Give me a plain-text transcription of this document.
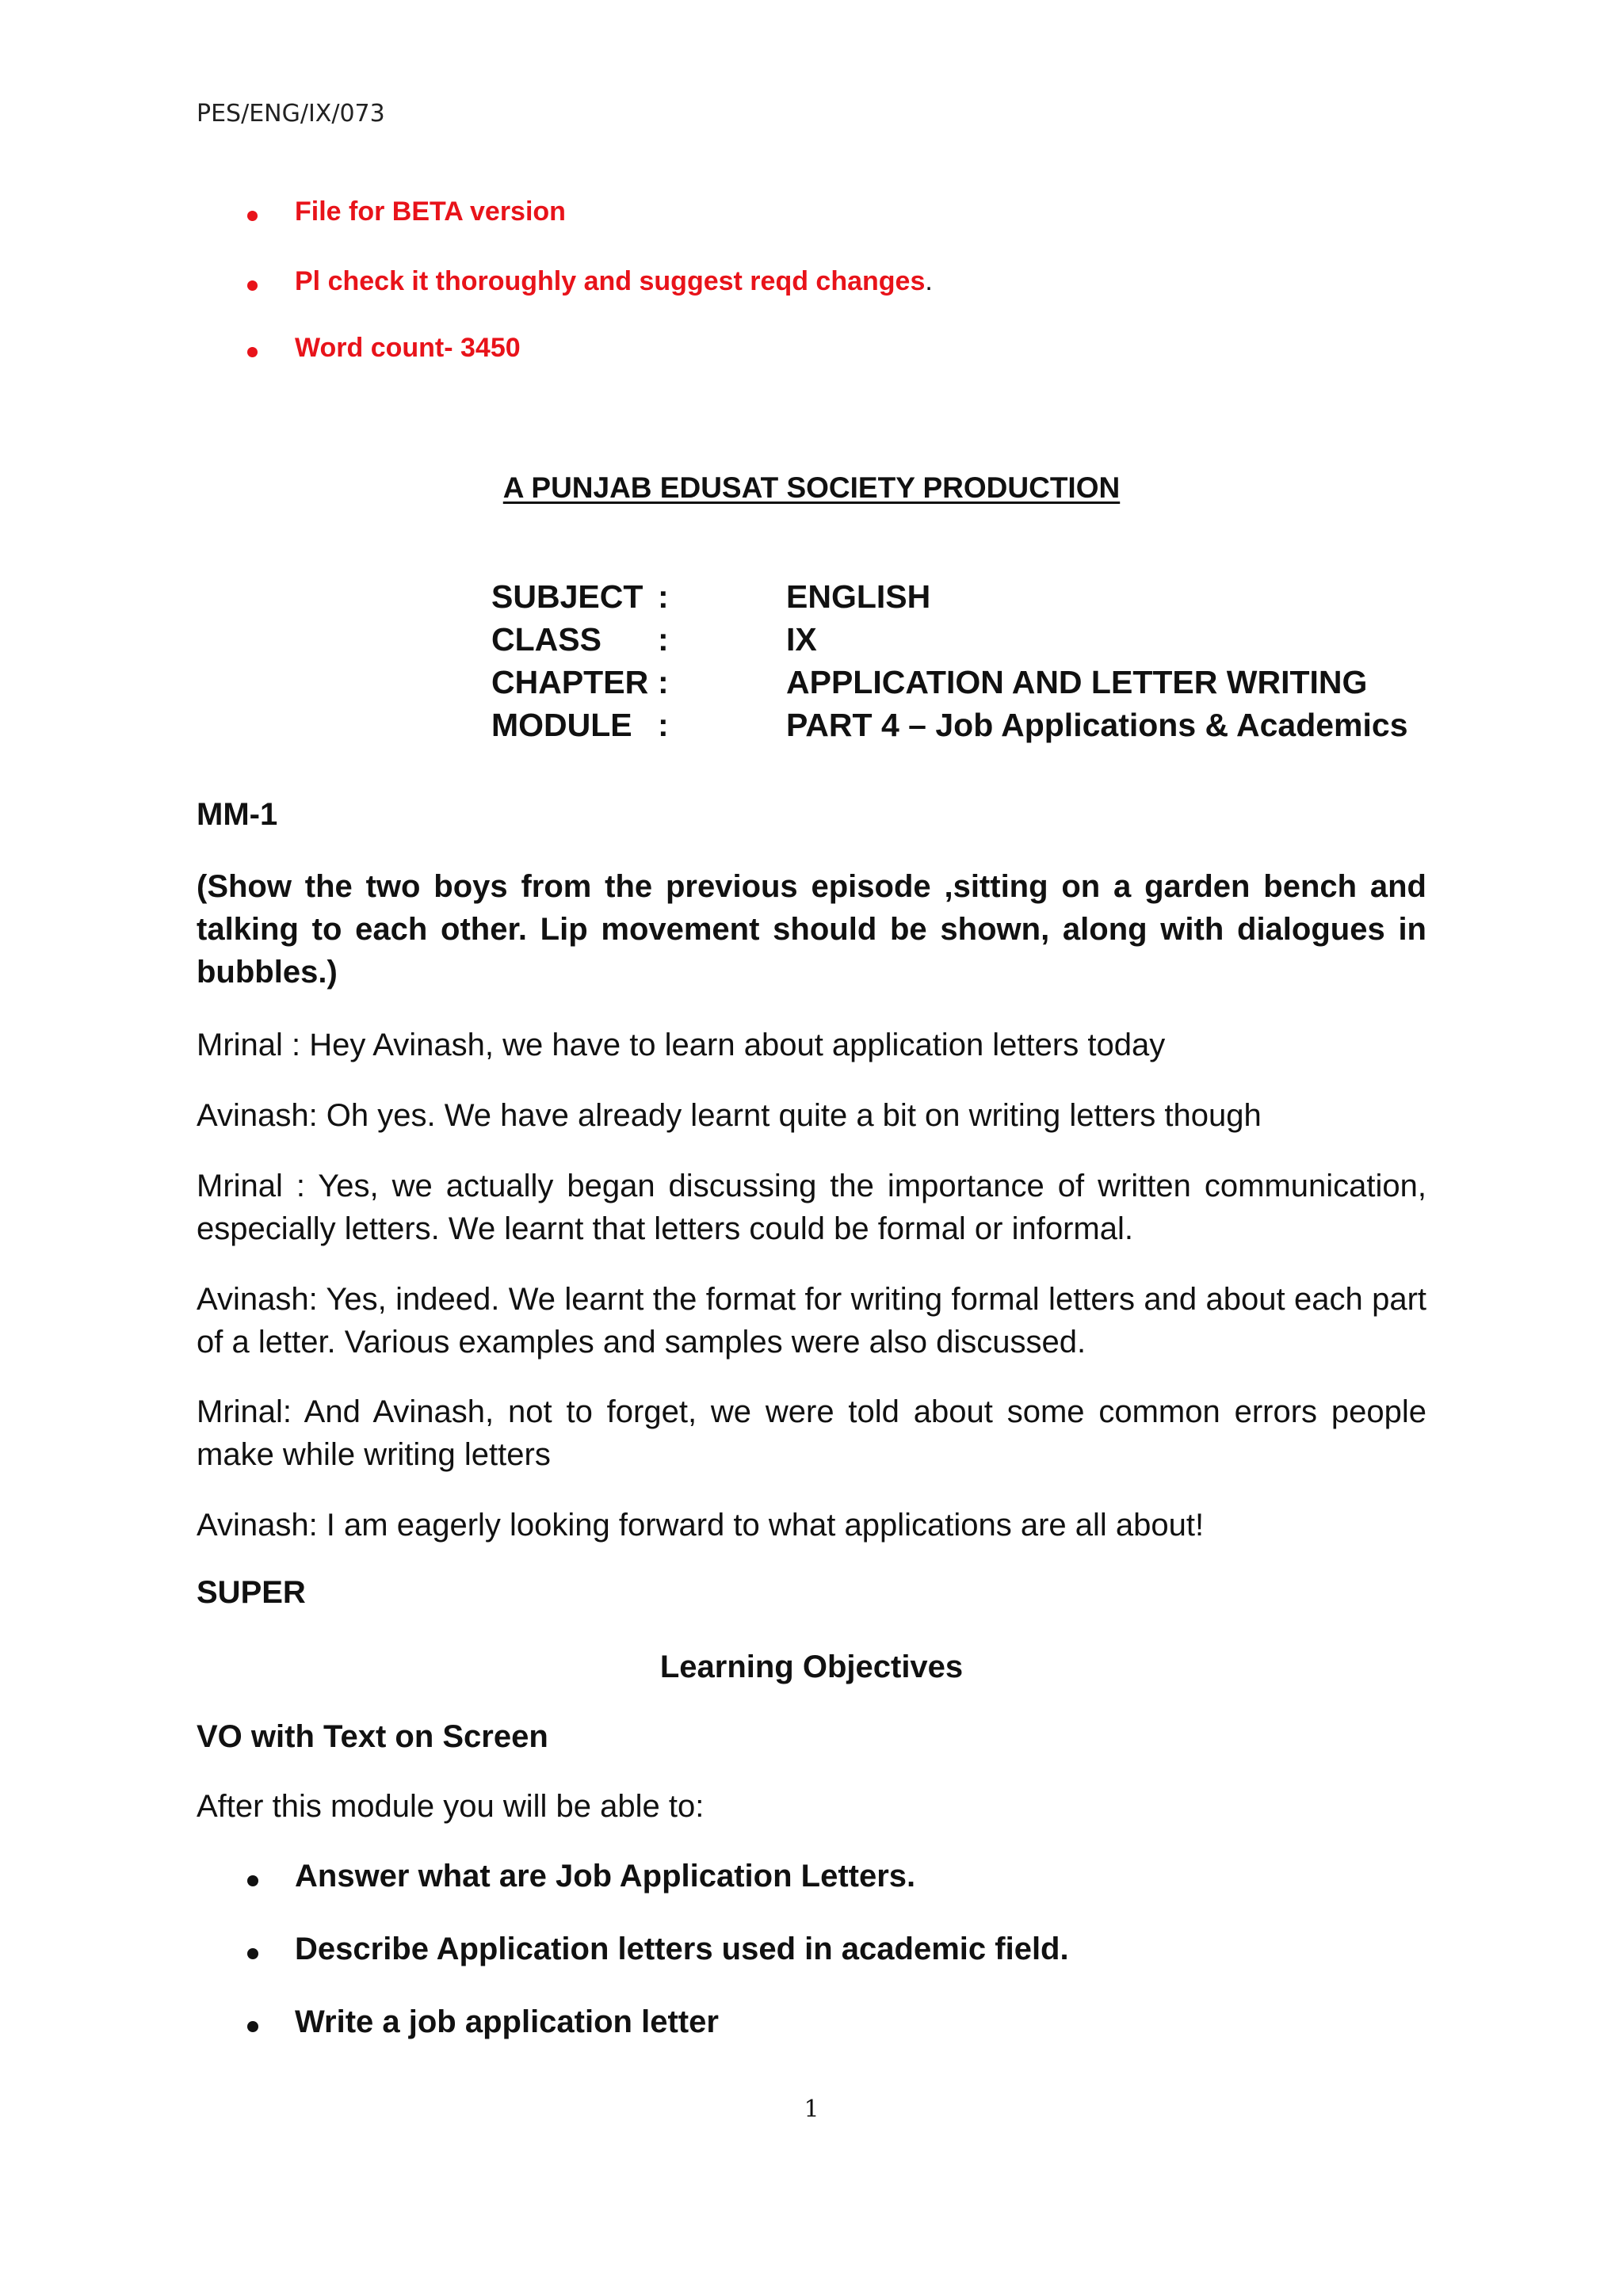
PES/ENG/IX/073
File for BETA version
Pl check it thoroughly and suggest reqd changes.
Word count- 3450
A PUNJAB EDUSAT SOCIETY PRODUCTION
SUBJECT :	ENGLISH
CLASS :	IX
CHAPTER :	APPLICATION AND LETTER WRITING
MODULE :	PART 4 – Job Applications & Academics
MM-1
(Show the two boys from the previous episode ,sitting on a garden bench and talking to each other. Lip movement should be shown, along with dialogues in bubbles.)
Mrinal : Hey Avinash, we have to learn about application letters today
Avinash: Oh yes. We have already learnt quite a bit on writing letters though
Mrinal : Yes, we actually began discussing the importance of written communication, especially letters. We learnt that letters could be formal or informal.
Avinash: Yes, indeed. We learnt the format for writing formal letters and about each part of a letter. Various examples and samples were also discussed.
Mrinal: And Avinash, not to forget, we were told about some common errors people make while writing letters
Avinash: I am eagerly looking forward to what applications are all about!
SUPER
Learning Objectives
VO with Text on Screen
After this module you will be able to:
Answer what are Job Application Letters.
Describe Application letters used in academic field.
Write a job application letter
1
